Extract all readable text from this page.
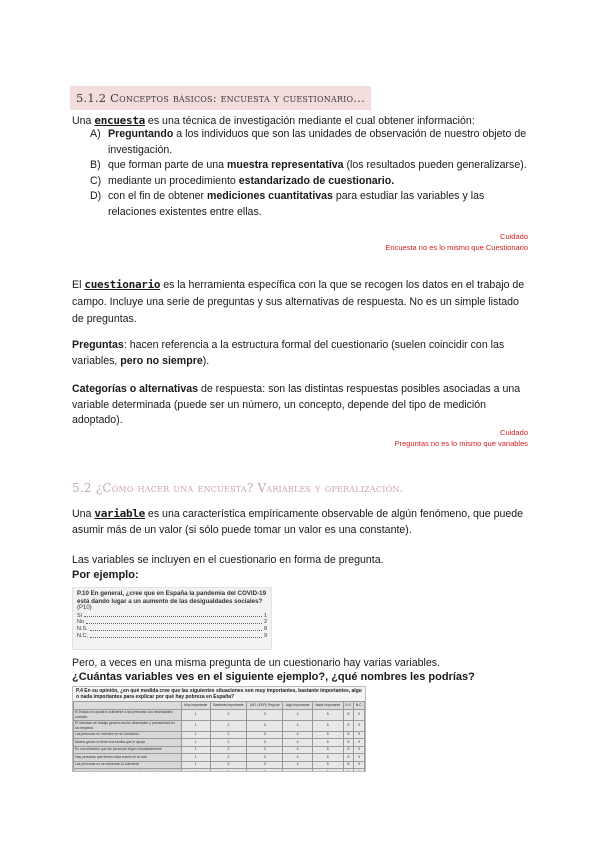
5.1.2 Conceptos básicos: encuesta y cuestionario...
Una encuesta es una técnica de investigación mediante el cual obtener información:
A) Preguntando a los individuos que son las unidades de observación de nuestro objeto de investigación.
B) que forman parte de una muestra representativa (los resultados pueden generalizarse).
C) mediante un procedimiento estandarizado de cuestionario.
D) con el fin de obtener mediciones cuantitativas para estudiar las variables y las relaciones existentes entre ellas.
Cuidado
Encuesta no es lo mismo que Cuestionario
El cuestionario es la herramienta específica con la que se recogen los datos en el trabajo de campo. Incluye una serie de preguntas y sus alternativas de respuesta. No es un simple listado de preguntas.
Preguntas: hacen referencia a la estructura formal del cuestionario (suelen coincidir con las variables, pero no siempre).
Categorías o alternativas de respuesta: son las distintas respuestas posibles asociadas a una variable determinada (puede ser un número, un concepto, depende del tipo de medición adoptado).
Cuidado
Preguntas no es lo mismo que variables
5.2 ¿Cómo hacer una encuesta? Variables y operalización.
Una variable es una característica empíricamente observable de algún fenómeno, que puede asumir más de un valor (si sólo puede tomar un valor es una constante).
Las variables se incluyen en el cuestionario en forma de pregunta.
Por ejemplo:
P.10 En general, ¿cree que en España la pandemia del COVID-19 está dando lugar a un aumento de las desigualdades sociales?
(P10)
Sí	1
No	2
N.S.	8
N.C.	9
Pero, a veces en una misma pregunta de un cuestionario hay varias variables.
¿Cuántas variables ves en el siguiente ejemplo?, ¿qué nombres les podrías?
P.4 En su opinión, ¿en qué medida cree que las siguientes situaciones son muy importantes, bastante importantes, algo o nada importantes para explicar por qué hay pobreza en España?
	Muy importante	Bastante importante	(NO LEER) Regular	Algo importante	Nada importante	N.S.	N.C.
El Estado no ayuda lo suficiente a las personas con necesidades sociales	1	2	3	4	5	8	9
El mercado de trabajo genera mucho desempleo y precariedad en los empleos	1	2	3	4	5	8	9
Las personas no invierten en su formación	1	2	3	4	5	8	9
Mucha gente no tiene una familia que le apoye	1	2	3	4	5	8	9
Es una situación que las personas eligen voluntariamente	1	2	3	4	5	8	9
Hay personas que tienen mala suerte en la vida	1	2	3	4	5	8	9
Las personas no se esfuerzan lo suficiente	1	2	3	4	5	8	9
La sociedad no ofrece las mismas oportunidades a todos	1	2	3	4	5	8	9
